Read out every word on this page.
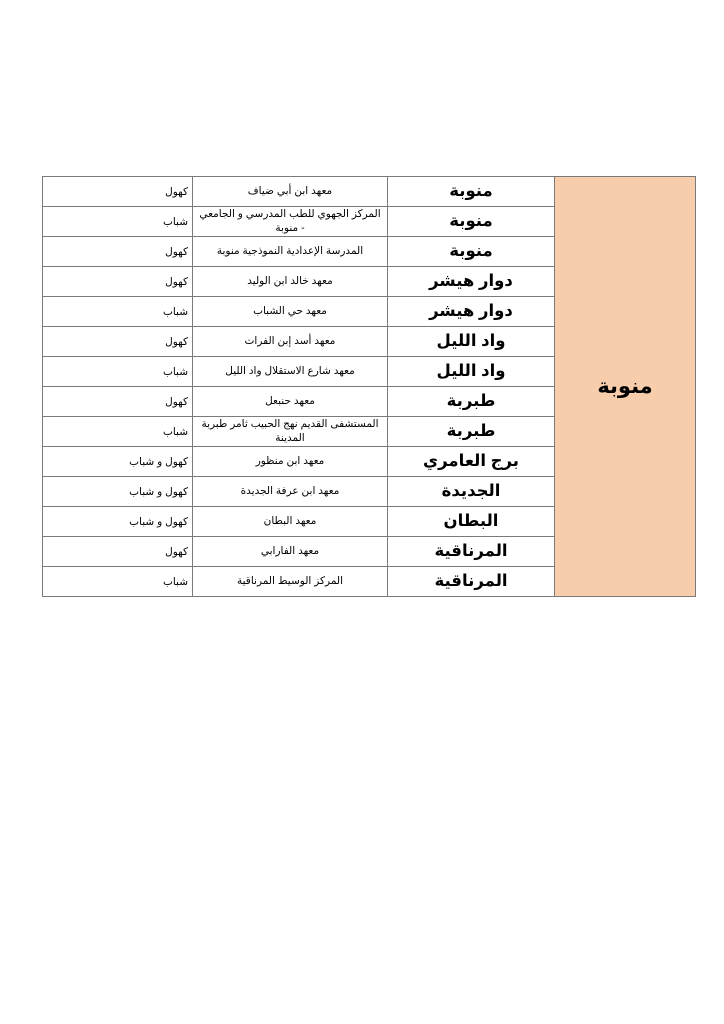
منوبة	منوبة	معهد ابن أبي ضياف	كهول
	منوبة	المركز الجهوي للطب المدرسي و الجامعي - منوبة	شباب
	منوبة	المدرسة الإعدادية النموذجية منوبة	كهول
	دوار هيشر	معهد خالد ابن الوليد	كهول
	دوار هيشر	معهد حي الشباب	شباب
	واد الليل	معهد أسد إبن الفرات	كهول
	واد الليل	معهد شارع الاستقلال واد الليل	شباب
	طبربة	معهد حنبعل	كهول
	طبربة	المستشفى القديم نهج الحبيب ثامر طبربة المدينة	شباب
	برج العامري	معهد ابن منظور	كهول و شباب
	الجديدة	معهد ابن عرفة الجديدة	كهول و شباب
	البطان	معهد البطان	كهول و شباب
	المرناقية	معهد الفارابي	كهول
	المرناقية	المركز الوسيط المرناقية	شباب
